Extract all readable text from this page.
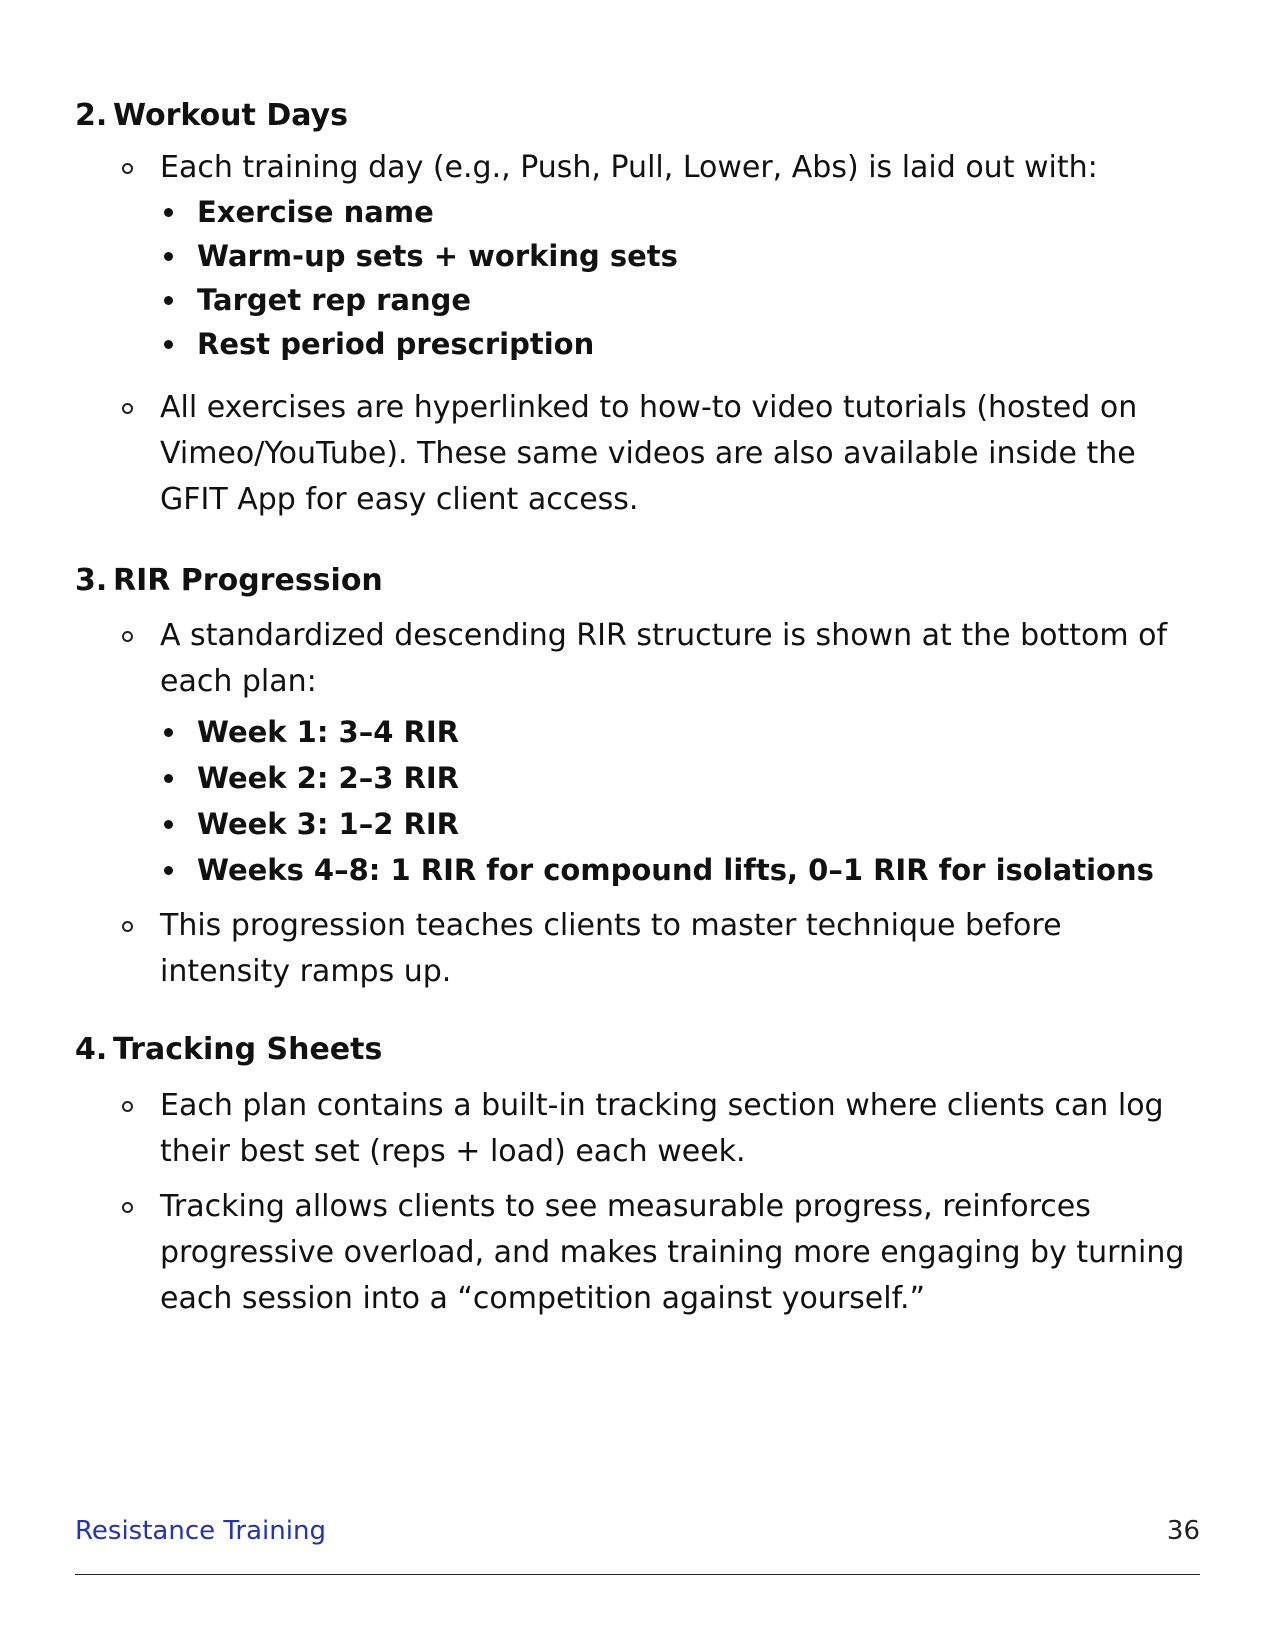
2. Workout Days
Each training day (e.g., Push, Pull, Lower, Abs) is laid out with:
Exercise name
Warm-up sets + working sets
Target rep range
Rest period prescription
All exercises are hyperlinked to how-to video tutorials (hosted on Vimeo/YouTube). These same videos are also available inside the GFIT App for easy client access.
3. RIR Progression
A standardized descending RIR structure is shown at the bottom of each plan:
Week 1: 3–4 RIR
Week 2: 2–3 RIR
Week 3: 1–2 RIR
Weeks 4–8: 1 RIR for compound lifts, 0–1 RIR for isolations
This progression teaches clients to master technique before intensity ramps up.
4. Tracking Sheets
Each plan contains a built-in tracking section where clients can log their best set (reps + load) each week.
Tracking allows clients to see measurable progress, reinforces progressive overload, and makes training more engaging by turning each session into a “competition against yourself.”
Resistance Training	36
